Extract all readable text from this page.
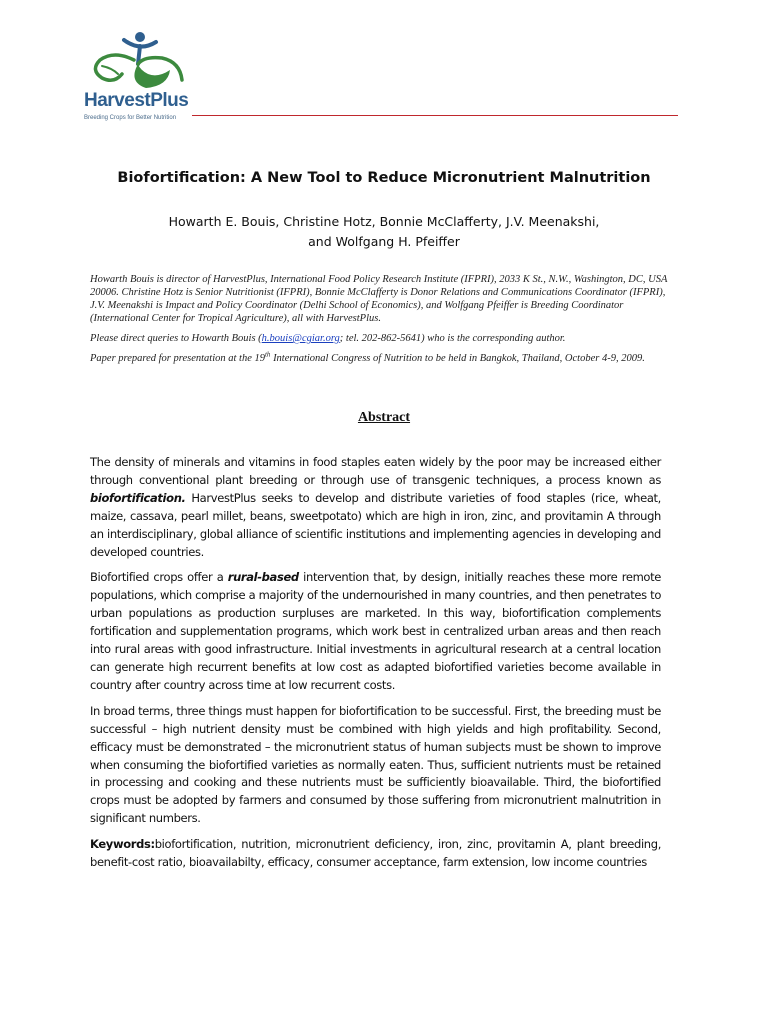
HarvestPlus
Breeding Crops for Better Nutrition
Biofortification: A New Tool to Reduce Micronutrient Malnutrition
Howarth E. Bouis, Christine Hotz, Bonnie McClafferty, J.V. Meenakshi,
and Wolfgang H. Pfeiffer

Howarth Bouis is director of HarvestPlus, International Food Policy Research Institute (IFPRI), 2033 K St., N.W., Washington, DC, USA 20006. Christine Hotz is Senior Nutritionist (IFPRI), Bonnie McClafferty is Donor Relations and Communications Coordinator (IFPRI), J.V. Meenakshi is Impact and Policy Coordinator (Delhi School of Economics), and Wolfgang Pfeiffer is Breeding Coordinator (International Center for Tropical Agriculture), all with HarvestPlus.

Please direct queries to Howarth Bouis (h.bouis@cgiar.org; tel. 202-862-5641) who is the corresponding author.

Paper prepared for presentation at the 19th International Congress of Nutrition to be held in Bangkok, Thailand, October 4-9, 2009.

Abstract

The density of minerals and vitamins in food staples eaten widely by the poor may be increased either through conventional plant breeding or through use of transgenic techniques, a process known as biofortification. HarvestPlus seeks to develop and distribute varieties of food staples (rice, wheat, maize, cassava, pearl millet, beans, sweetpotato) which are high in iron, zinc, and provitamin A through an interdisciplinary, global alliance of scientific institutions and implementing agencies in developing and developed countries.

Biofortified crops offer a rural-based intervention that, by design, initially reaches these more remote populations, which comprise a majority of the undernourished in many countries, and then penetrates to urban populations as production surpluses are marketed. In this way, biofortification complements fortification and supplementation programs, which work best in centralized urban areas and then reach into rural areas with good infrastructure. Initial investments in agricultural research at a central location can generate high recurrent benefits at low cost as adapted biofortified varieties become available in country after country across time at low recurrent costs.

In broad terms, three things must happen for biofortification to be successful. First, the breeding must be successful – high nutrient density must be combined with high yields and high profitability. Second, efficacy must be demonstrated – the micronutrient status of human subjects must be shown to improve when consuming the biofortified varieties as normally eaten. Thus, sufficient nutrients must be retained in processing and cooking and these nutrients must be sufficiently bioavailable. Third, the biofortified crops must be adopted by farmers and consumed by those suffering from micronutrient malnutrition in significant numbers.

Keywords:biofortification, nutrition, micronutrient deficiency, iron, zinc, provitamin A, plant breeding, benefit-cost ratio, bioavailabilty, efficacy, consumer acceptance, farm extension, low income countries
